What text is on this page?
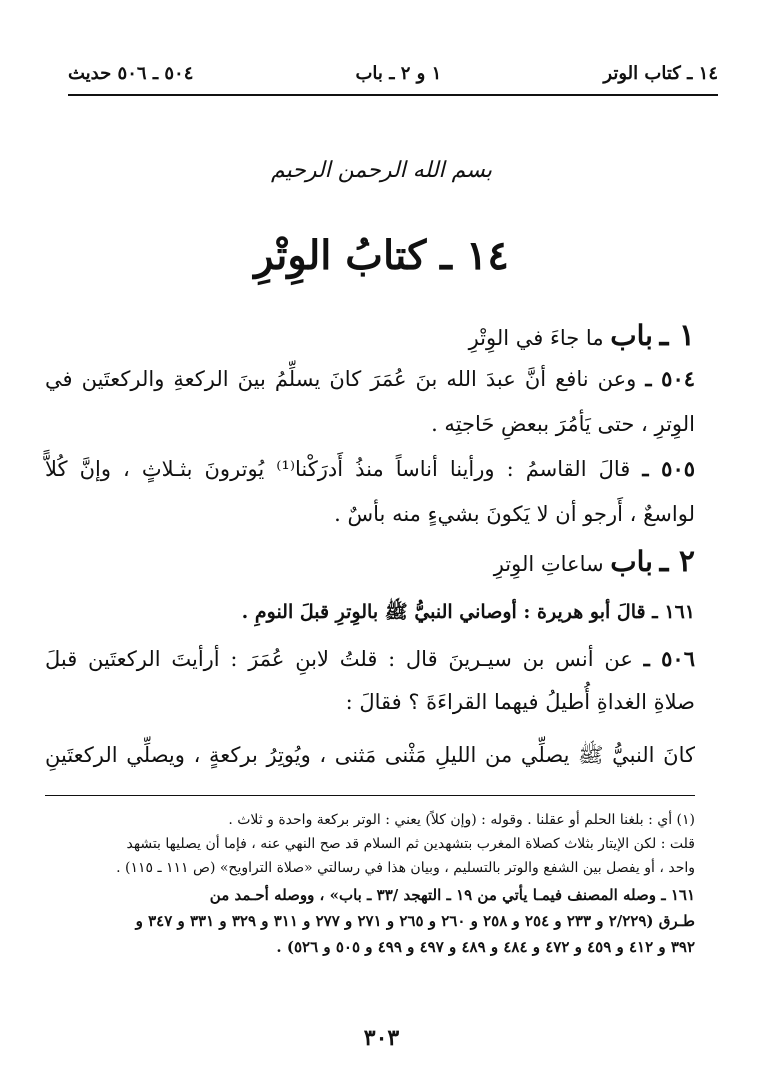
١٤ ـ كتاب الوتر
١ و ٢ ـ باب
٥٠٤ ـ ٥٠٦ حديث
بسم الله الرحمن الرحيم
١٤ ـ كتابُ الوِتْرِ
١ ـ باب ما جاءَ في الوِتْرِ
٥٠٤ ـ وعن نافع أنَّ عبدَ الله بنَ عُمَرَ كانَ يسلِّمُ بينَ الركعةِ والركعتَين في
الوِترِ ، حتى يَأمُرَ ببعضِ حَاجتِه .
٥٠٥ ـ قالَ القاسمُ : ورأينا أناساً منذُ أَدرَكْنا⁽¹⁾ يُوترونَ بثـلاثٍ ، وإنَّ كُلاًّ
لواسعٌ ، أَرجو أن لا يَكونَ بشيءٍ منه بأسٌ .
٢ ـ باب ساعاتِ الوِترِ
١٦١ ـ قالَ أبو هريرة : أوصاني النبيُّ ﷺ بالوِترِ قبلَ النومِ .
٥٠٦ ـ عن أنس بن سيـرينَ قال : قلتُ لابنِ عُمَرَ : أرأيتَ الركعتَين قبلَ
صلاةِ الغداةِ أُطيلُ فيهما القراءَةَ ؟ فقالَ :
كانَ النبيُّ ﷺ يصلِّي من الليلِ مَثْنى مَثنى ، ويُوتِرُ بركعةٍ ، ويصلِّي الركعتَينِ
(١) أي : بلغنا الحلم أو عقلنا . وقوله : (وإن كلاً) يعني : الوتر بركعة واحدة و ثلاث .
قلت : لكن الإيتار بثلاث كصلاة المغرب بتشهدين ثم السلام قد صح النهي عنه ، فإما أن يصليها بتشهد
واحد ، أو يفصل بين الشفع والوتر بالتسليم ، وبيان هذا في رسالتي «صلاة التراويح» (ص ١١١ ـ ١١٥) .
١٦١ ـ وصله المصنف فيمـا يأتي من ١٩ ـ التهجد /٣٣ ـ باب» ، ووصله أحـمد من
طـرق (٢/٢٢٩ و ٢٣٣ و ٢٥٤ و ٢٥٨ و ٢٦٠ و ٢٦٥ و ٢٧١ و ٢٧٧ و ٣١١ و ٣٢٩ و ٣٣١ و ٣٤٧ و
٣٩٢ و ٤١٢ و ٤٥٩ و ٤٧٢ و ٤٨٤ و ٤٨٩ و ٤٩٧ و ٤٩٩ و ٥٠٥ و ٥٢٦) .
٣٠٣
